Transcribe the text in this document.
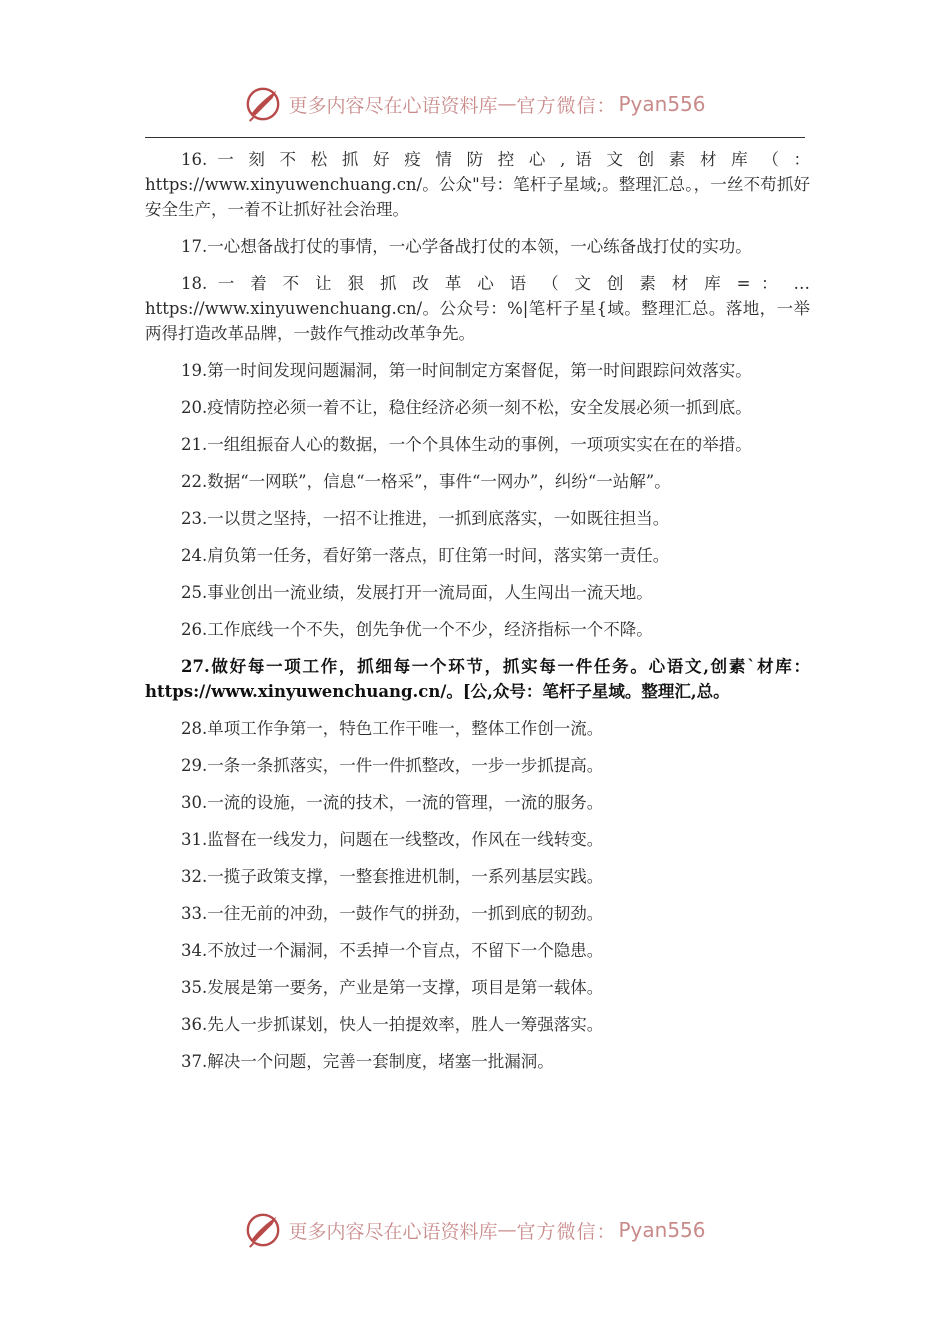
更多内容尽在心语资料库 — 官方微信： Pyan556

16. 一 刻 不 松 抓 好 疫 情 防 控 心 , 语 文 创 素 材 库 （ ： https://www.xinyuwenchuang.cn/。公众"号：笔杆子星域;。整理汇总。，一丝不苟抓好安全生产，一着不让抓好社会治理。

17.一心想备战打仗的事情，一心学备战打仗的本领，一心练备战打仗的实功。

18. 一 着 不 让 狠 抓 改 革 心 语 （ 文 创 素 材 库 = ： … https://www.xinyuwenchuang.cn/。公众号：%|笔杆子星{域。整理汇总。落地，一举两得打造改革品牌，一鼓作气推动改革争先。

19.第一时间发现问题漏洞，第一时间制定方案督促，第一时间跟踪问效落实。

20.疫情防控必须一着不让，稳住经济必须一刻不松，安全发展必须一抓到底。

21.一组组振奋人心的数据，一个个具体生动的事例，一项项实实在在的举措。

22.数据“一网联”，信息“一格采”，事件“一网办”，纠纷“一站解”。

23.一以贯之坚持，一招不让推进，一抓到底落实，一如既往担当。

24.肩负第一任务，看好第一落点，盯住第一时间，落实第一责任。

25.事业创出一流业绩，发展打开一流局面，人生闯出一流天地。

26.工作底线一个不失，创先争优一个不少，经济指标一个不降。

27.做好每一项工作，抓细每一个环节，抓实每一件任务。心语文,创素`材库：https://www.xinyuwenchuang.cn/。[公,众号：笔杆子星域。整理汇,总。

28.单项工作争第一，特色工作干唯一，整体工作创一流。

29.一条一条抓落实，一件一件抓整改，一步一步抓提高。

30.一流的设施，一流的技术，一流的管理，一流的服务。

31.监督在一线发力，问题在一线整改，作风在一线转变。

32.一揽子政策支撑，一整套推进机制，一系列基层实践。

33.一往无前的冲劲，一鼓作气的拼劲，一抓到底的韧劲。

34.不放过一个漏洞，不丢掉一个盲点，不留下一个隐患。

35.发展是第一要务，产业是第一支撑，项目是第一载体。

36.先人一步抓谋划，快人一拍提效率，胜人一筹强落实。

37.解决一个问题，完善一套制度，堵塞一批漏洞。

更多内容尽在心语资料库 — 官方微信： Pyan556
